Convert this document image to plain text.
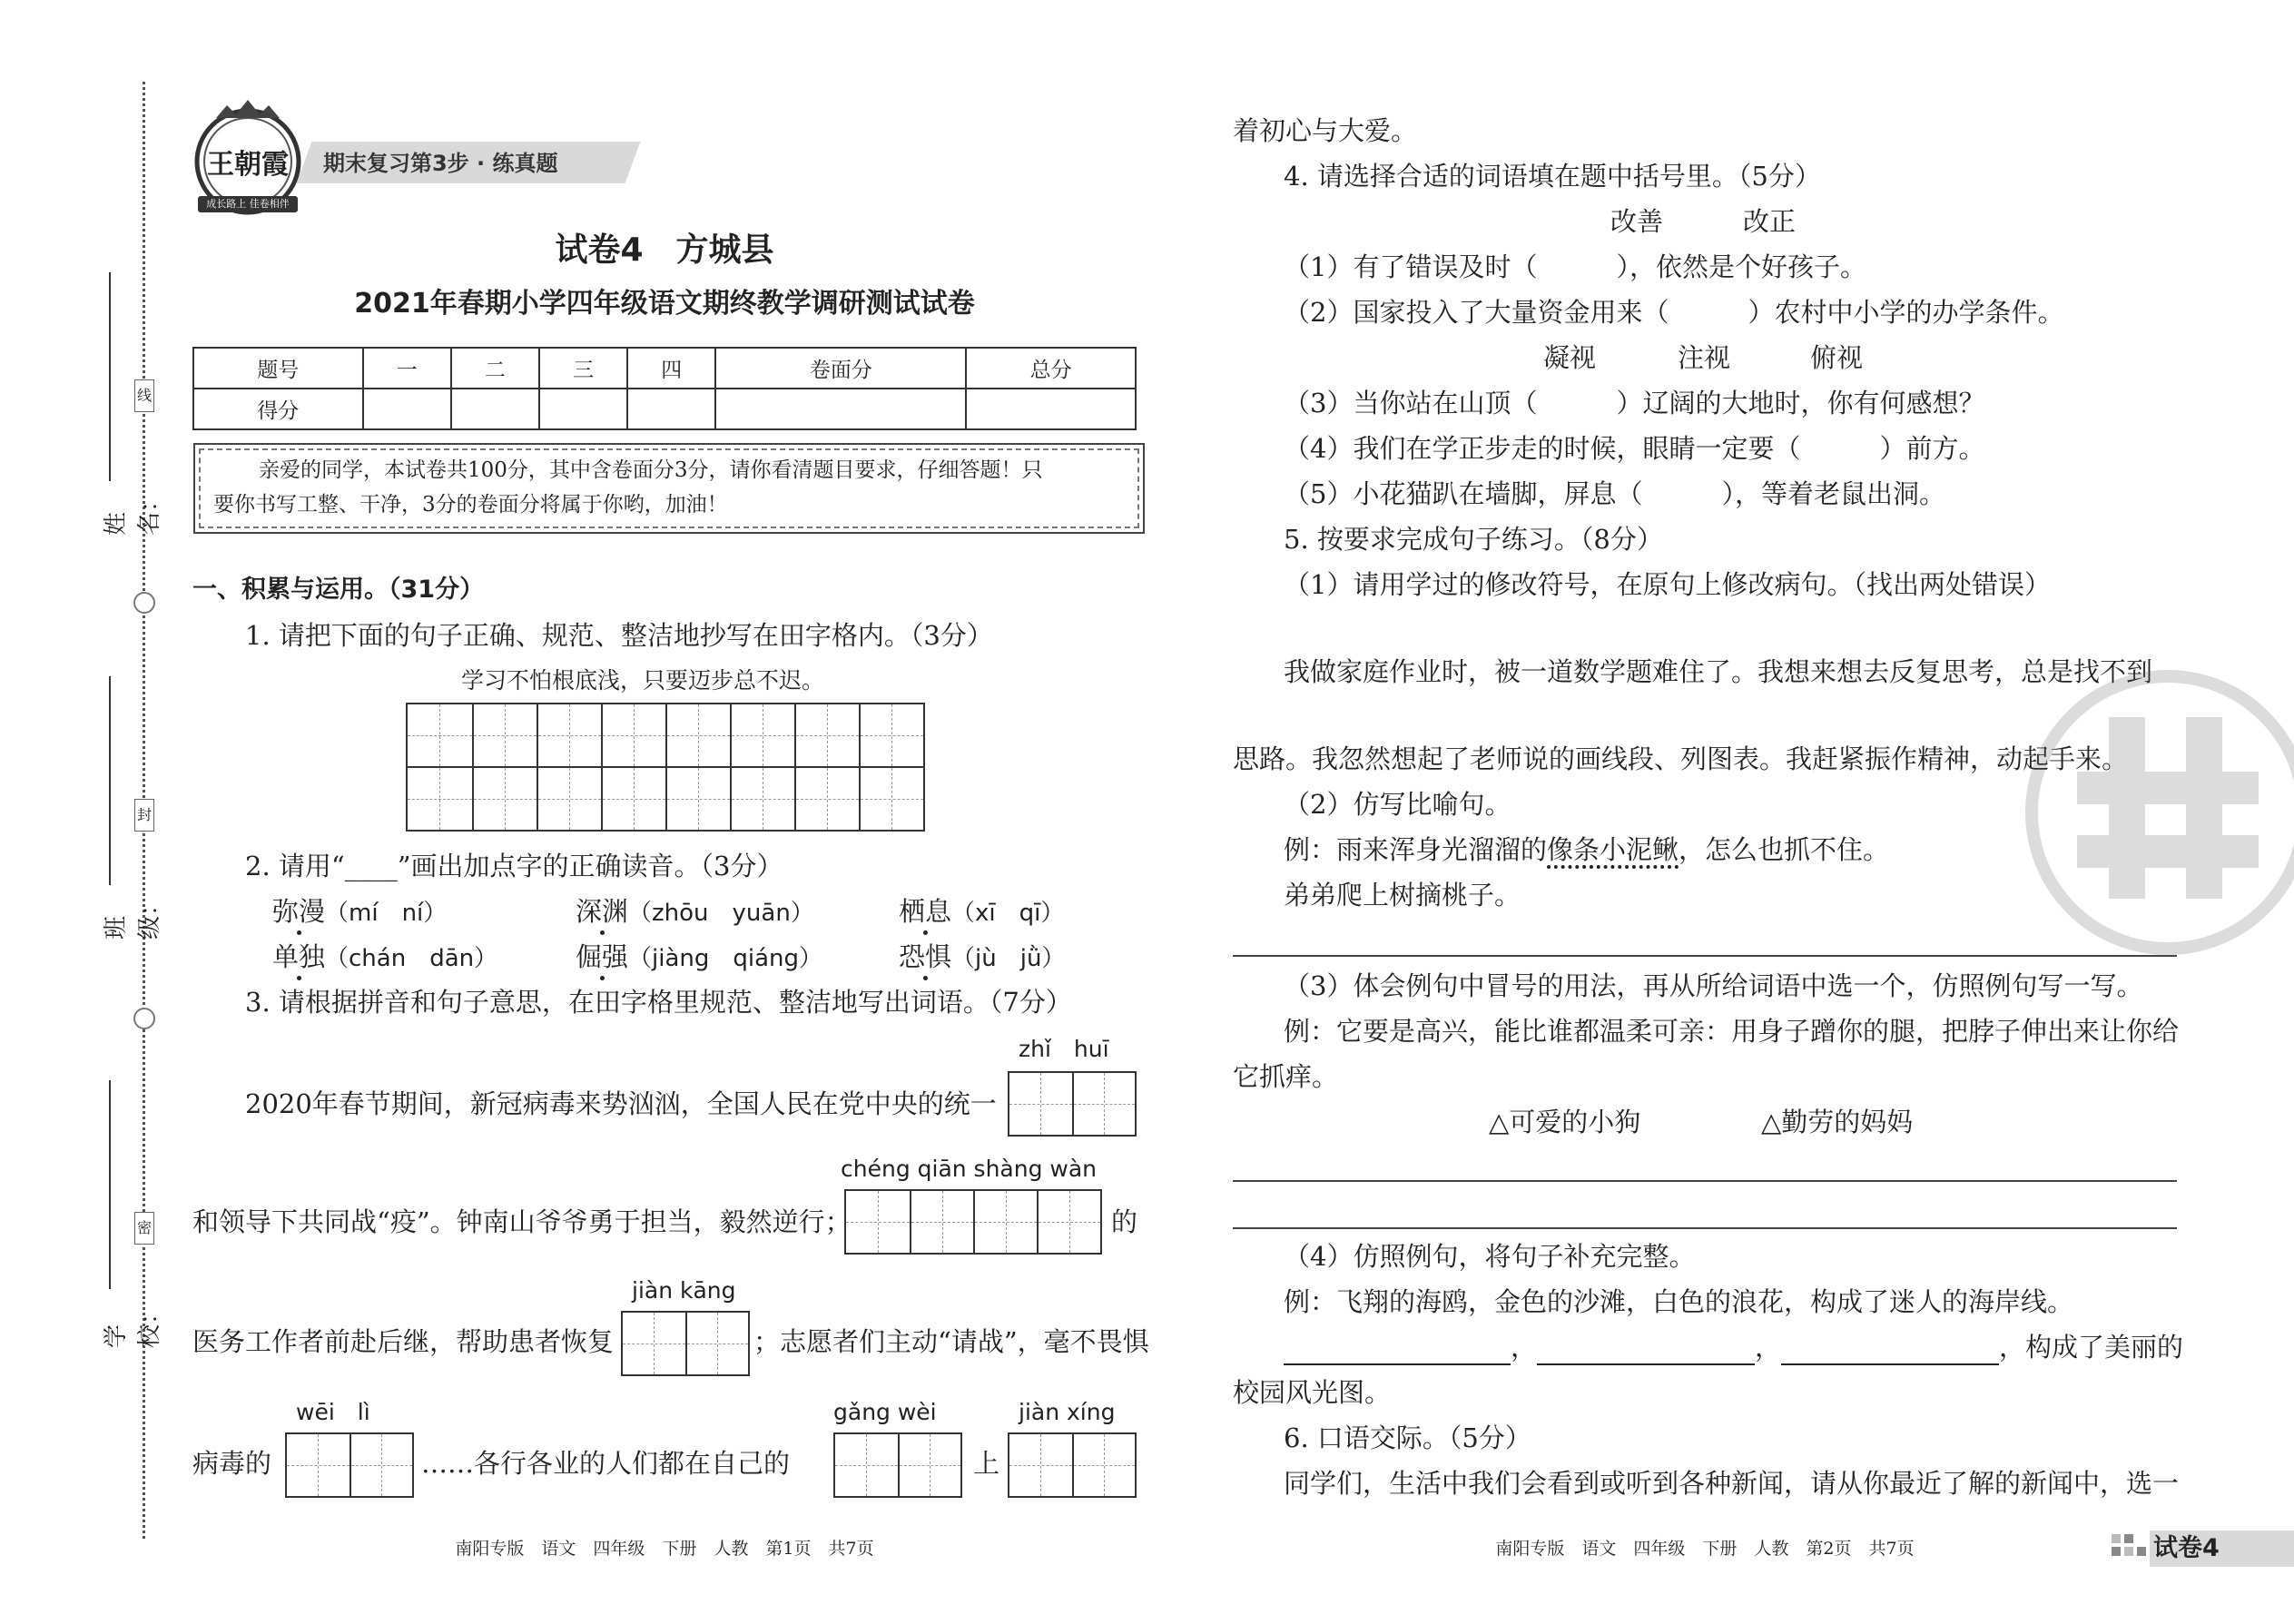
线
封
密
姓名：
班级：
学校：
王朝霞
成长路上 佳卷相伴
期末复习第3步 · 练真题
试卷4　方城县
2021年春期小学四年级语文期终教学调研测试试卷
题号	一	二	三	四	卷面分	总分
得分						
亲爱的同学，本试卷共100分，其中含卷面分3分，请你看清题目要求，仔细答题！只
要你书写工整、干净，3分的卷面分将属于你哟，加油！
一、积累与运用。（31分）
1. 请把下面的句子正确、规范、整洁地抄写在田字格内。（3分）
学习不怕根底浅，只要迈步总不迟。
2. 请用“____”画出加点字的正确读音。（3分）
弥漫（mí　ní）	深渊（zhōu　yuān）	栖息（xī　qī）
单独（chán　dān）	倔强（jiàng　qiáng）	恐惧（jù　jǜ）
3. 请根据拼音和句子意思，在田字格里规范、整洁地写出词语。（7分）
zhǐ　huī
2020年春节期间，新冠病毒来势汹汹，全国人民在党中央的统一
chéng qiān shàng wàn
和领导下共同战“疫”。钟南山爷爷勇于担当，毅然逆行；	的
jiàn kāng
医务工作者前赴后继，帮助患者恢复	；志愿者们主动“请战”，毫不畏惧
wēi　lì	gǎng wèi	jiàn xíng
病毒的	……各行各业的人们都在自己的	上
南阳专版　语文　四年级　下册　人教　第1页　共7页
着初心与大爱。
4. 请选择合适的词语填在题中括号里。（5分）
改善	改正
（1）有了错误及时（　　　），依然是个好孩子。
（2）国家投入了大量资金用来（　　　）农村中小学的办学条件。
凝视	注视	俯视
（3）当你站在山顶（　　　）辽阔的大地时，你有何感想？
（4）我们在学正步走的时候，眼睛一定要（　　　）前方。
（5）小花猫趴在墙脚，屏息（　　　），等着老鼠出洞。
5. 按要求完成句子练习。（8分）
（1）请用学过的修改符号，在原句上修改病句。（找出两处错误）
我做家庭作业时，被一道数学题难住了。我想来想去反复思考，总是找不到
思路。我忽然想起了老师说的画线段、列图表。我赶紧振作精神，动起手来。
（2）仿写比喻句。
例：雨来浑身光溜溜的像条小泥鳅，怎么也抓不住。
弟弟爬上树摘桃子。
（3）体会例句中冒号的用法，再从所给词语中选一个，仿照例句写一写。
例：它要是高兴，能比谁都温柔可亲：用身子蹭你的腿，把脖子伸出来让你给
它抓痒。
△可爱的小狗	△勤劳的妈妈
（4）仿照例句，将句子补充完整。
例：飞翔的海鸥，金色的沙滩，白色的浪花，构成了迷人的海岸线。
，	，	，构成了美丽的
校园风光图。
6. 口语交际。（5分）
同学们，生活中我们会看到或听到各种新闻，请从你最近了解的新闻中，选一
南阳专版　语文　四年级　下册　人教　第2页　共7页	试卷4
